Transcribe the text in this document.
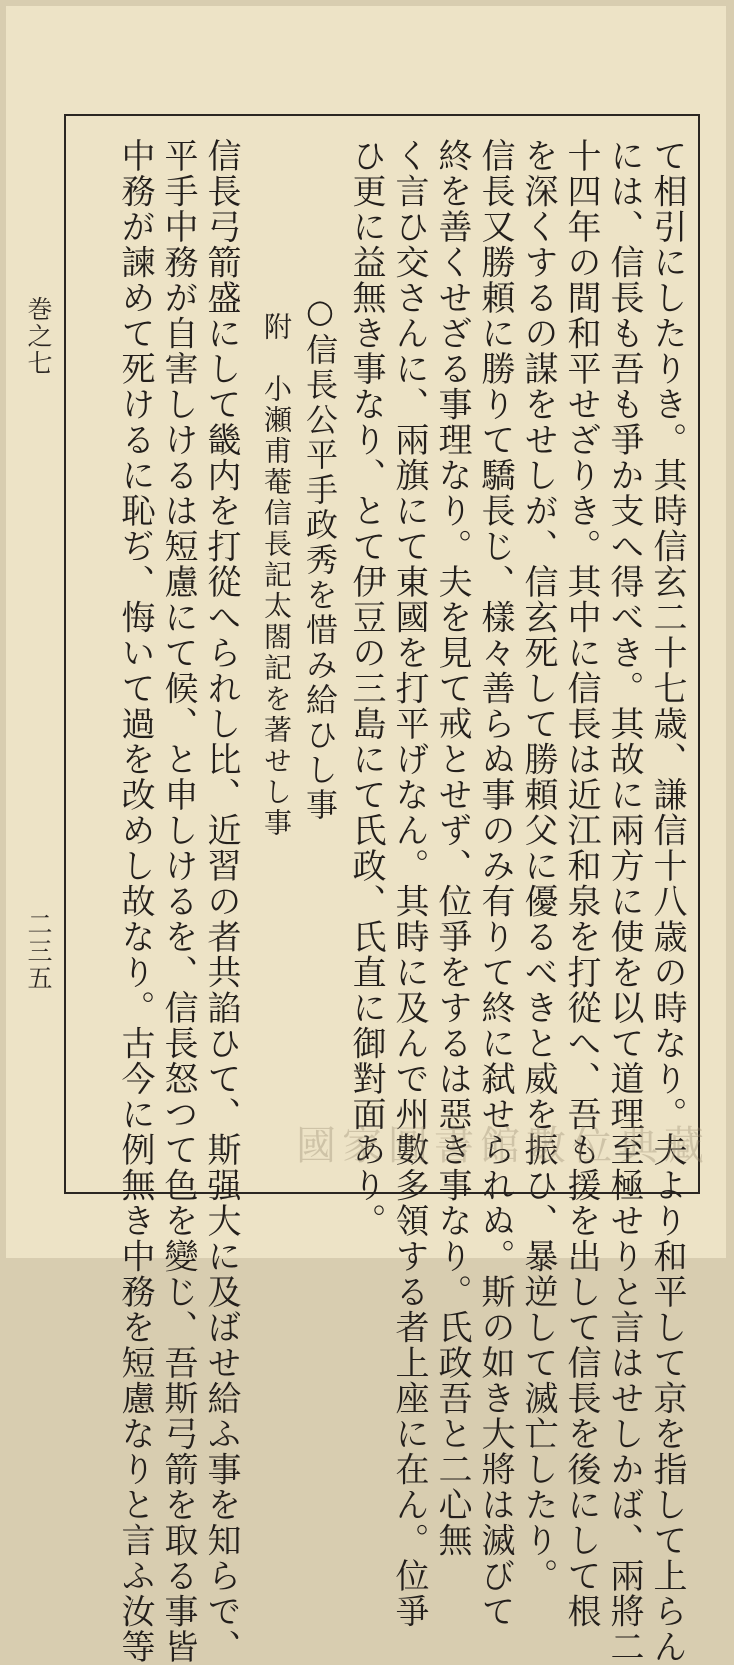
巻之七
二三五	て相引にしたりき。其時信玄二十七歳、謙信十八歳の時なり。夫より和平して京を指して上らん
には、信長も吾も爭か支へ得べき。其故に兩方に使を以て道理至極せりと言はせしかば、兩將二
十四年の間和平せざりき。其中に信長は近江和泉を打從へ、吾も援を出して信長を後にして根
を深くするの謀をせしが、信玄死して勝頼父に優るべきと威を振ひ、暴逆して滅亡したり。
信長又勝頼に勝りて驕長じ、樣々善らぬ事のみ有りて終に弑せられぬ。斯の如き大將は滅びて
終を善くせざる事理なり。夫を見て戒とせず、位爭をするは惡き事なり。氏政吾と二心無
く言ひ交さんに、兩旗にて東國を打平げなん。其時に及んで州數多領する者上座に在ん。位爭
ひ更に益無き事なり、とて伊豆の三島にて氏政、氏直に御對面あり。
○信長公平手政秀を惜み給ひし事
附　小瀬甫菴信長記太閤記を著せし事
信長弓箭盛にして畿内を打從へられし比、近習の者共諂ひて、斯强大に及ばせ給ふ事を知らで、
平手中務が自害しけるは短慮にて候、と申しけるを、信長怒つて色を變じ、吾斯弓箭を取る事皆
中務が諫めて死けるに恥ぢ、悔いて過を改めし故なり。古今に例無き中務を短慮なりと言ふ汝等	國家圖書館數位典藏
